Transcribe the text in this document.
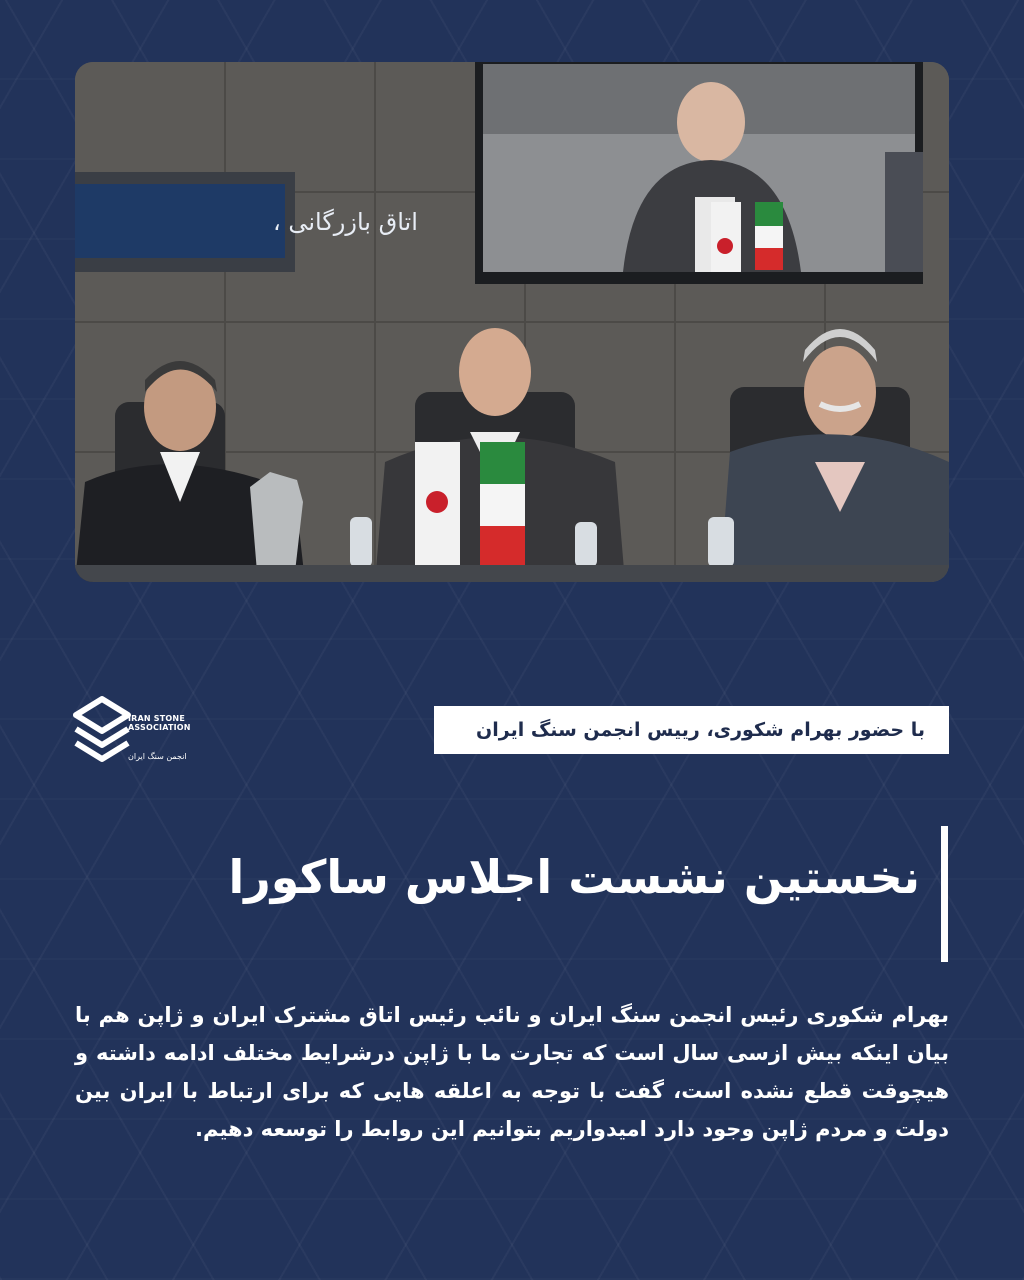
اتاق بازرگانی ،
IRAN STONE ASSOCIATION
انجمن سنگ ایران
با حضور بهرام شکوری، رییس انجمن سنگ ایران
نخستین نشست اجلاس ساکورا
بهرام شکوری رئیس انجمن سنگ ایران و نائب رئیس اتاق مشترک ایران و ژاپن هم با بیان اینکه بیش ازسی سال است که تجارت ما با ژاپن درشرایط مختلف ادامه داشته و هیچوقت قطع نشده است، گفت با توجه به اعلقه هایی که برای ارتباط با ایران بین دولت و مردم ژاپن وجود دارد امیدواریم بتوانیم این روابط را توسعه دهیم.
